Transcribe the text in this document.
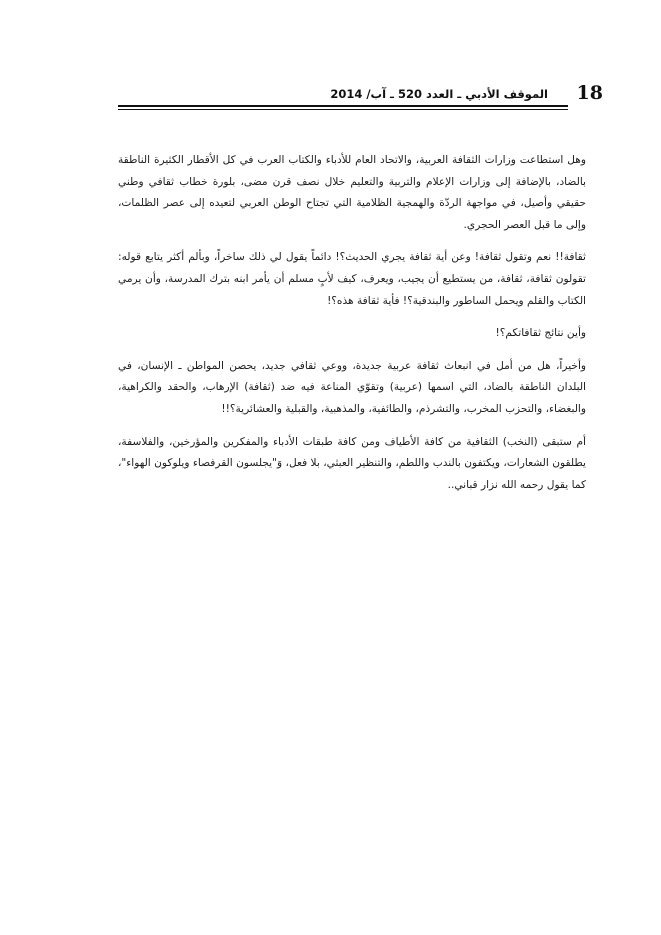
18
الموقف الأدبي ـ العدد 520 ـ آب/ 2014

وهل استطاعت وزارات الثقافة العربية، والاتحاد العام للأدباء والكتاب العرب في كل الأقطار الكثيرة الناطقة بالضاد، بالإضافة إلى وزارات الإعلام والتربية والتعليم خلال نصف قرن مضى، بلورة خطاب ثقافي وطني حقيقي وأصيل، في مواجهة الردّة والهمجية الظلامية التي تجتاح الوطن العربي لتعيده إلى عصر الظلمات، وإلى ما قبل العصر الحجري.

ثقافة!! نعم وتقول ثقافة! وعن أية ثقافة يجري الحديث؟! دائماً يقول لي ذلك ساخراً، وبألم أكثر يتابع قوله: تقولون ثقافة، ثقافة، من يستطيع أن يجيب، ويعرف، كيف لأبٍ مسلم أن يأمر ابنه بترك المدرسة، وأن يرمي الكتاب والقلم ويحمل الساطور والبندقية؟! فأية ثقافة هذه؟!

وأين نتائج ثقافاتكم؟!

وأخيراً، هل من أمل في انبعاث ثقافة عربية جديدة، ووعي ثقافي جديد، يحصن المواطن ـ الإنسان، في البلدان الناطقة بالضاد، التي اسمها (عربية) وتقوّي المناعة فيه ضد (ثقافة) الإرهاب، والحقد والكراهية، والبغضاء، والتحزب المخرب، والتشرذم، والطائفية، والمذهبية، والقبلية والعشائرية؟!!

أم ستبقى (النخب) الثقافية من كافة الأطياف ومن كافة طبقات الأدباء والمفكرين والمؤرخين، والفلاسفة، يطلقون الشعارات، ويكتفون بالندب واللطم، والتنظير العبثي، بلا فعل، وَ"يجلسون القرفصاء ويلوكون الهواء"، كما يقول رحمه الله نزار قباني..
